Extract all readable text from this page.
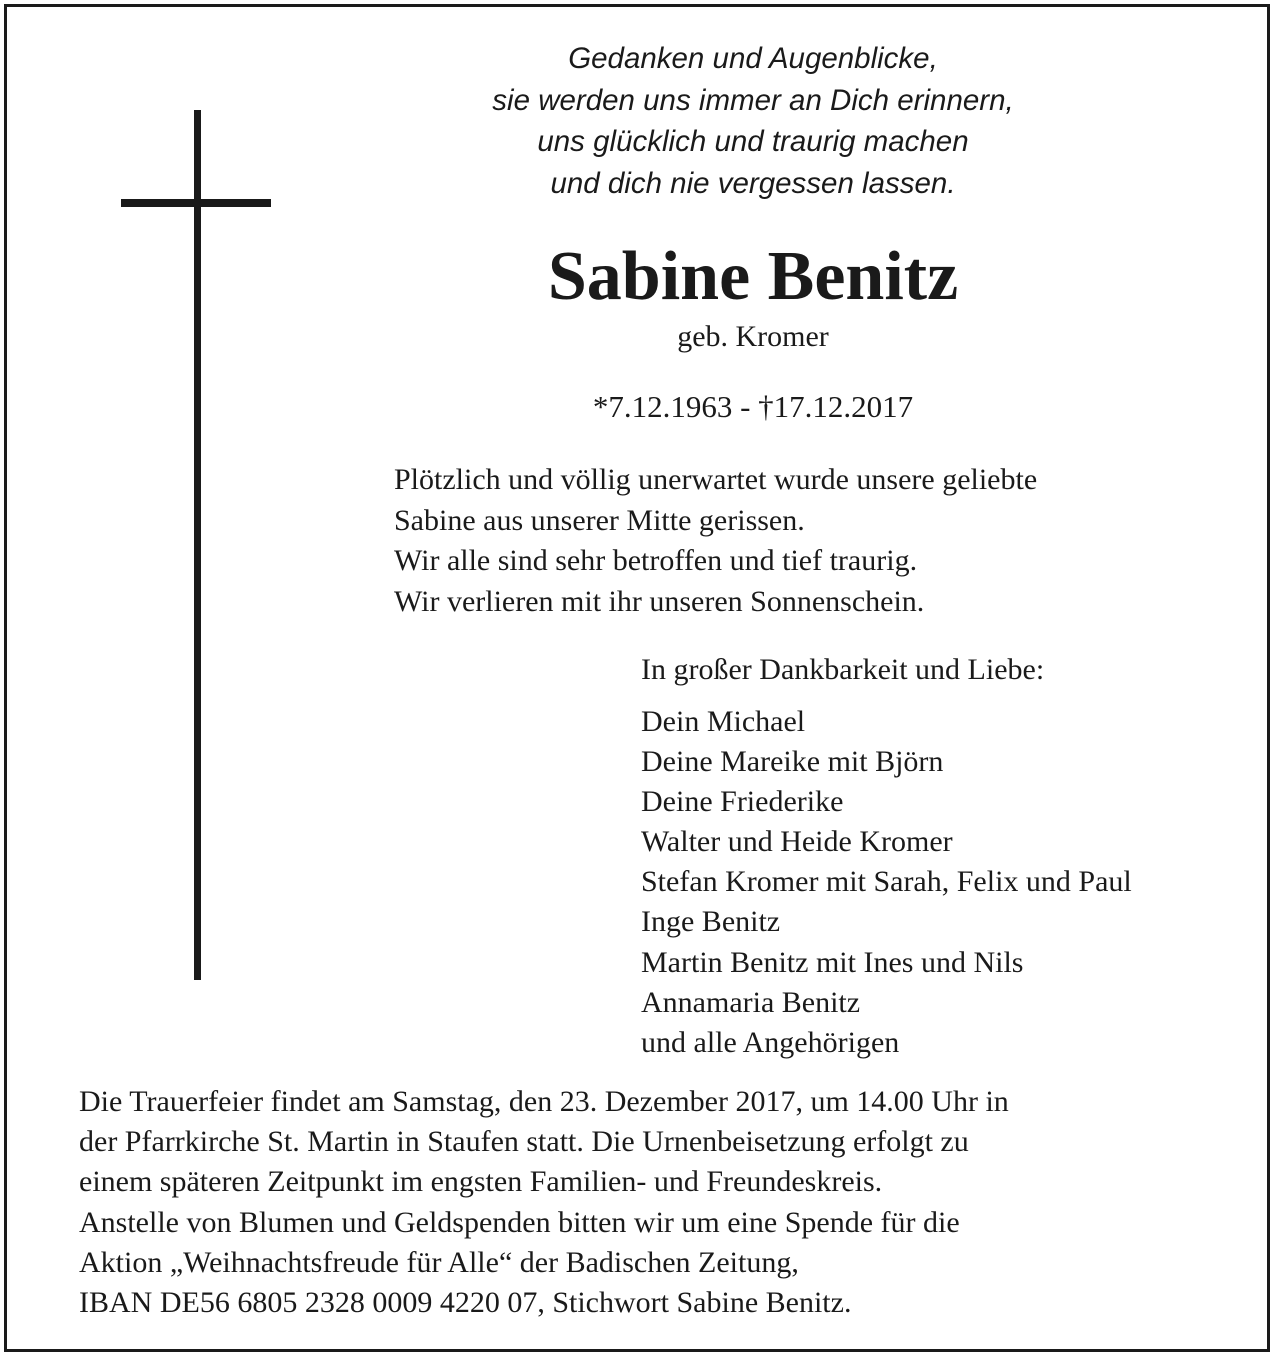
Gedanken und Augenblicke,
sie werden uns immer an Dich erinnern,
uns glücklich und traurig machen
und dich nie vergessen lassen.
Sabine Benitz
geb. Kromer
*7.12.1963 - †17.12.2017
Plötzlich und völlig unerwartet wurde unsere geliebte
Sabine aus unserer Mitte gerissen.
Wir alle sind sehr betroffen und tief traurig.
Wir verlieren mit ihr unseren Sonnenschein.
In großer Dankbarkeit und Liebe:
Dein Michael
Deine Mareike mit Björn
Deine Friederike
Walter und Heide Kromer
Stefan Kromer mit Sarah, Felix und Paul
Inge Benitz
Martin Benitz mit Ines und Nils
Annamaria Benitz
und alle Angehörigen
Die Trauerfeier findet am Samstag, den 23. Dezember 2017, um 14.00 Uhr in
der Pfarrkirche St. Martin in Staufen statt. Die Urnenbeisetzung erfolgt zu
einem späteren Zeitpunkt im engsten Familien- und Freundeskreis.
Anstelle von Blumen und Geldspenden bitten wir um eine Spende für die
Aktion „Weihnachtsfreude für Alle“ der Badischen Zeitung,
IBAN DE56 6805 2328 0009 4220 07, Stichwort Sabine Benitz.
